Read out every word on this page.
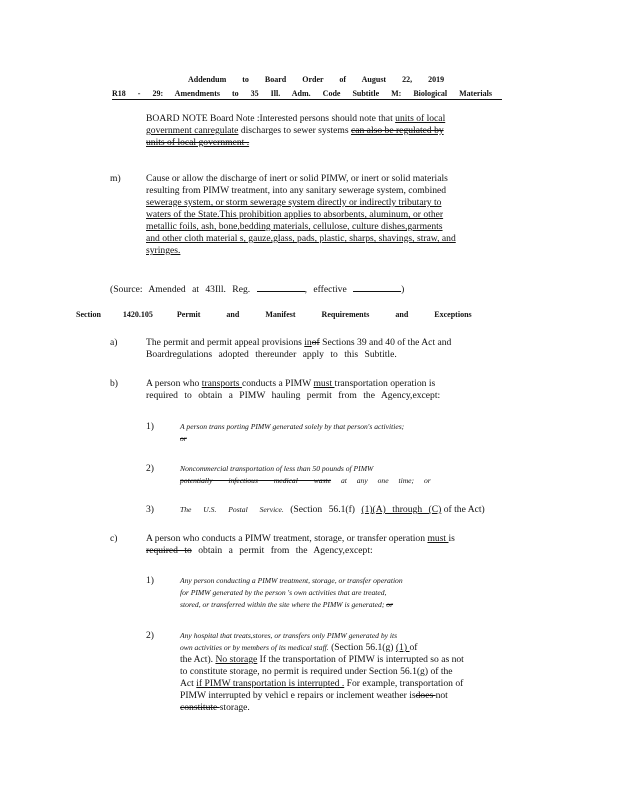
Addendum to Board Order of August 22, 2019
R18 - 29: Amendments to 35 Ill. Adm. Code Subtitle M: Biological Materials
BOARD NOTE Board Note :Interested persons should note that units of local
government canregulate discharges to sewer systems can also be regulated by
units of local government .
m)	Cause or allow the discharge of inert or solid PIMW, or inert or solid materials
resulting from PIMW treatment, into any sanitary sewerage system, combined
sewerage system, or storm sewerage system directly or indirectly tributary to
waters of the State.This prohibition applies to absorbents, aluminum, or other
metallic foils, ash, bone,bedding materials, cellulose, culture dishes,garments
and other cloth material s, gauze,glass, pads, plastic, sharps, shavings, straw, and
syringes.
(Source: Amended at 43Ill. Reg.	, effective	)
Section 1420.105	Permit and Manifest Requirements and Exceptions
a)	The permit and permit appeal provisions inof Sections 39 and 40 of the Act and
Boardregulations adopted thereunder apply to this Subtitle.
b)	A person who transports conducts a PIMW must transportation operation is
required to obtain a PIMW hauling permit from the Agency,except:
1)	A person trans porting PIMW generated solely by that person's activities;
or
2)	Noncommercial transportation of less than 50 pounds of PIMW
potentially infectious medical waste at any one time; or
3)	The U.S. Postal Service. (Section 56.1(f) (1)(A) through (C) of the Act)
c)	A person who conducts a PIMW treatment, storage, or transfer operation must is
required to obtain a permit from the Agency,except:
1)	Any person conducting a PIMW treatment, storage, or transfer operation
for PIMW generated by the person 's own activities that are treated,
stored, or transferred within the site where the PIMW is generated; or
2)	Any hospital that treats,stores, or transfers only PIMW generated by its
own activities or by members of its medical staff. (Section 56.1(g) (1) of
the Act). No storage If the transportation of PIMW is interrupted so as not
to constitute storage, no permit is required under Section 56.1(g) of the
Act if PIMW transportation is interrupted . For example, transportation of
PIMW interrupted by vehicl e repairs or inclement weather isdoes not
constitute storage.
